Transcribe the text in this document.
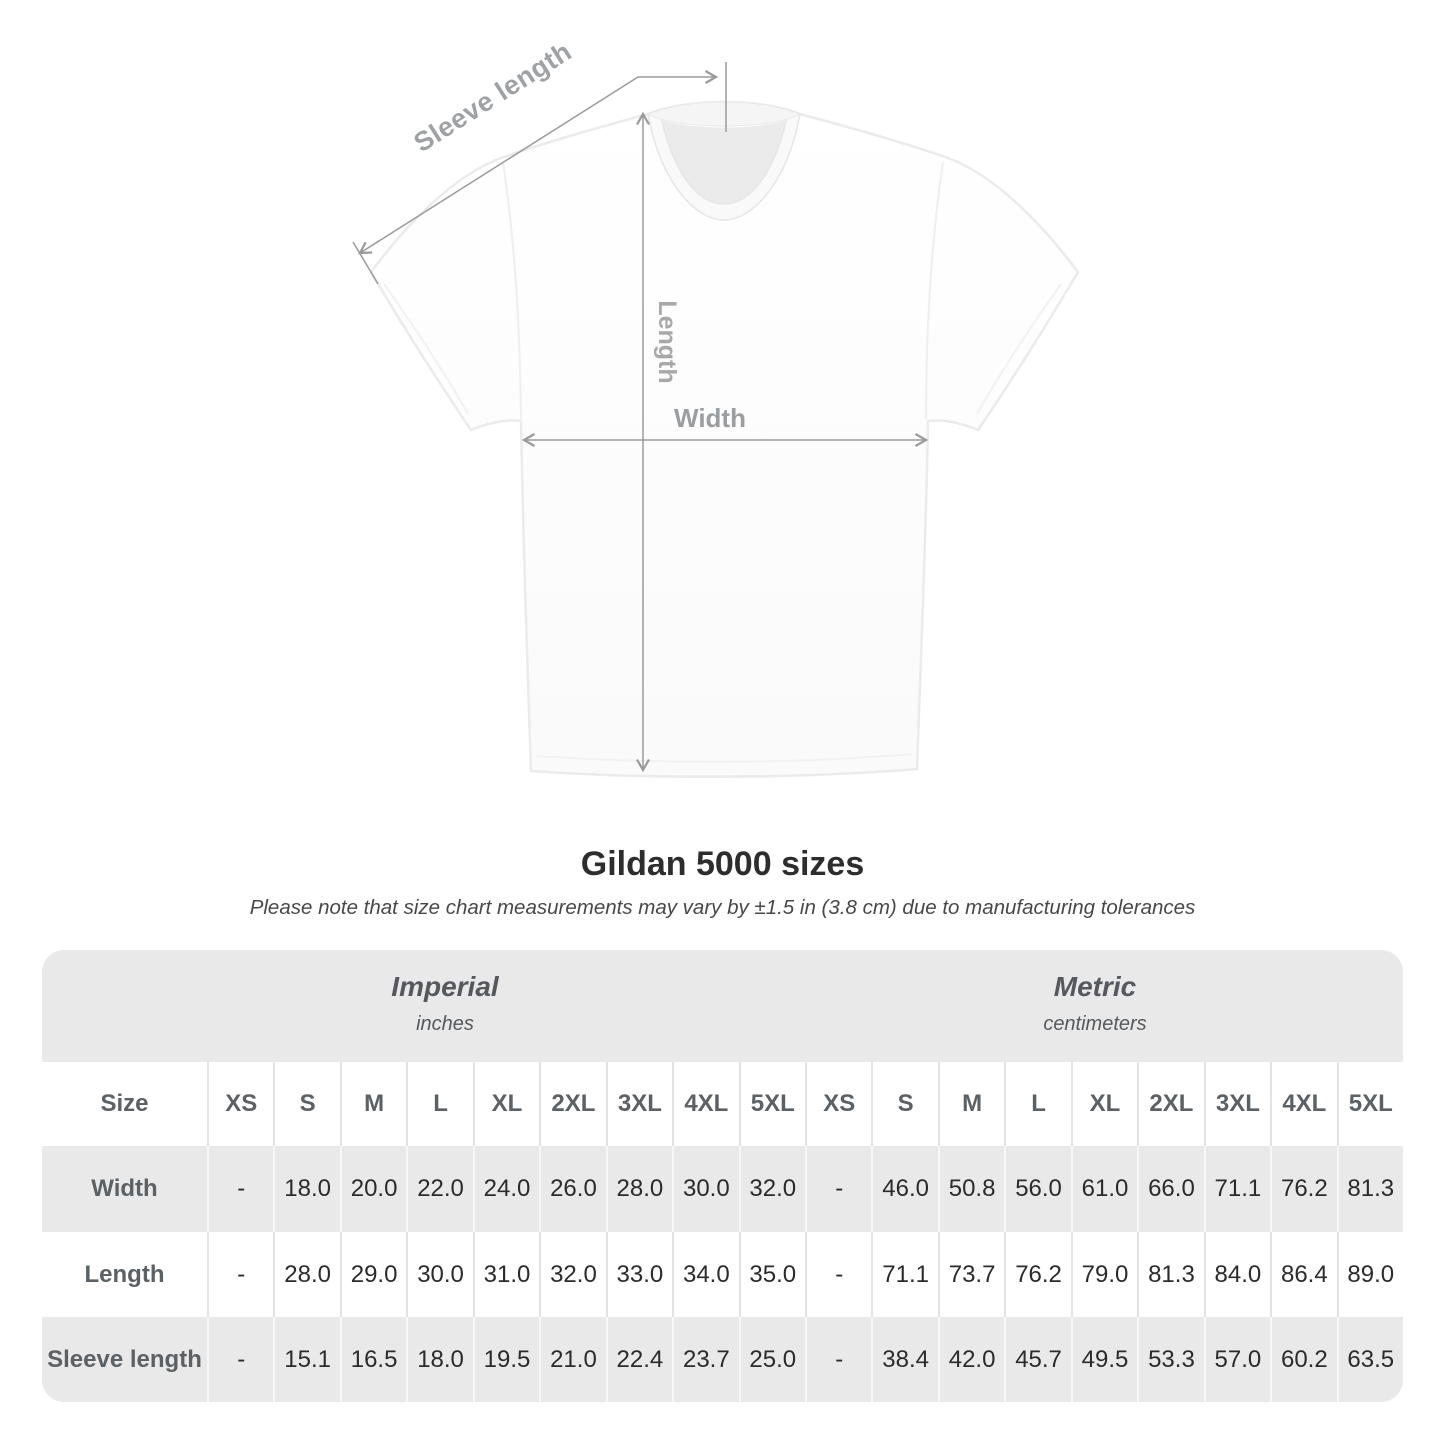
Sleeve length
Length
Width
Gildan 5000 sizes
Please note that size chart measurements may vary by ±1.5 in (3.8 cm) due to manufacturing tolerances
Imperial
inches
Metric
centimeters
Size	XS	S	M	L	XL	2XL 3XL 4XL 5XL	XS	S	M	L	XL	2XL 3XL 4XL 5XL
Width	-	18.0 20.0 22.0 24.0 26.0 28.0 30.0 32.0	-	46.0 50.8 56.0 61.0 66.0 71.1 76.2 81.3
Length	-	28.0 29.0 30.0 31.0 32.0 33.0 34.0 35.0	-	71.1 73.7 76.2 79.0 81.3 84.0 86.4 89.0
Sleeve length	-	15.1 16.5 18.0 19.5 21.0 22.4 23.7 25.0	-	38.4 42.0 45.7 49.5 53.3 57.0 60.2 63.5
